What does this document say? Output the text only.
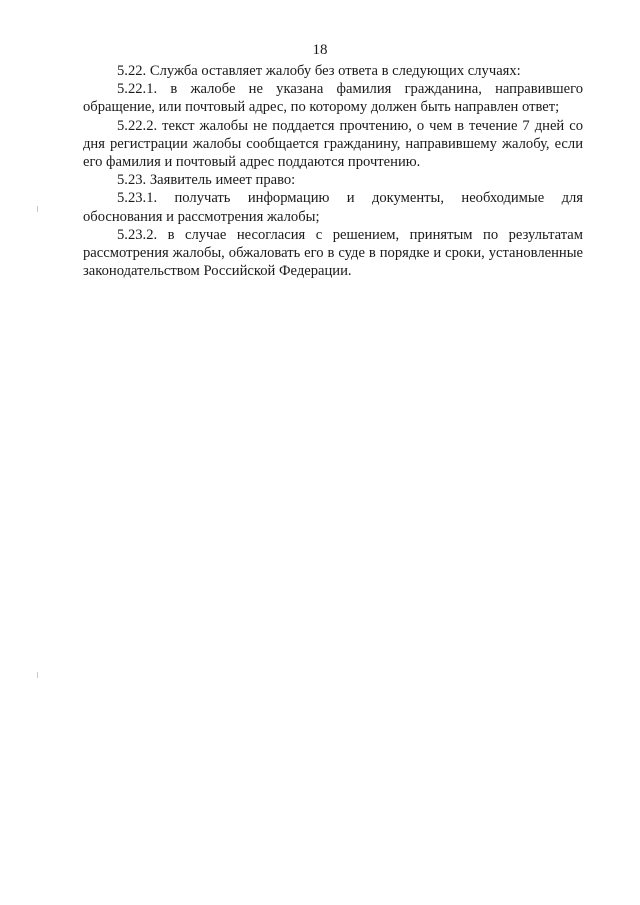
18

5.22. Служба оставляет жалобу без ответа в следующих случаях:

5.22.1. в жалобе не указана фамилия гражданина, направившего обращение, или почтовый адрес, по которому должен быть направлен ответ;

5.22.2. текст жалобы не поддается прочтению, о чем в течение 7 дней со дня регистрации жалобы сообщается гражданину, направившему жалобу, если его фамилия и почтовый адрес поддаются прочтению.

5.23. Заявитель имеет право:

5.23.1. получать информацию и документы, необходимые для обоснования и рассмотрения жалобы;

5.23.2. в случае несогласия с решением, принятым по результатам рассмотрения жалобы, обжаловать его в суде в порядке и сроки, установленные законодательством Российской Федерации.
